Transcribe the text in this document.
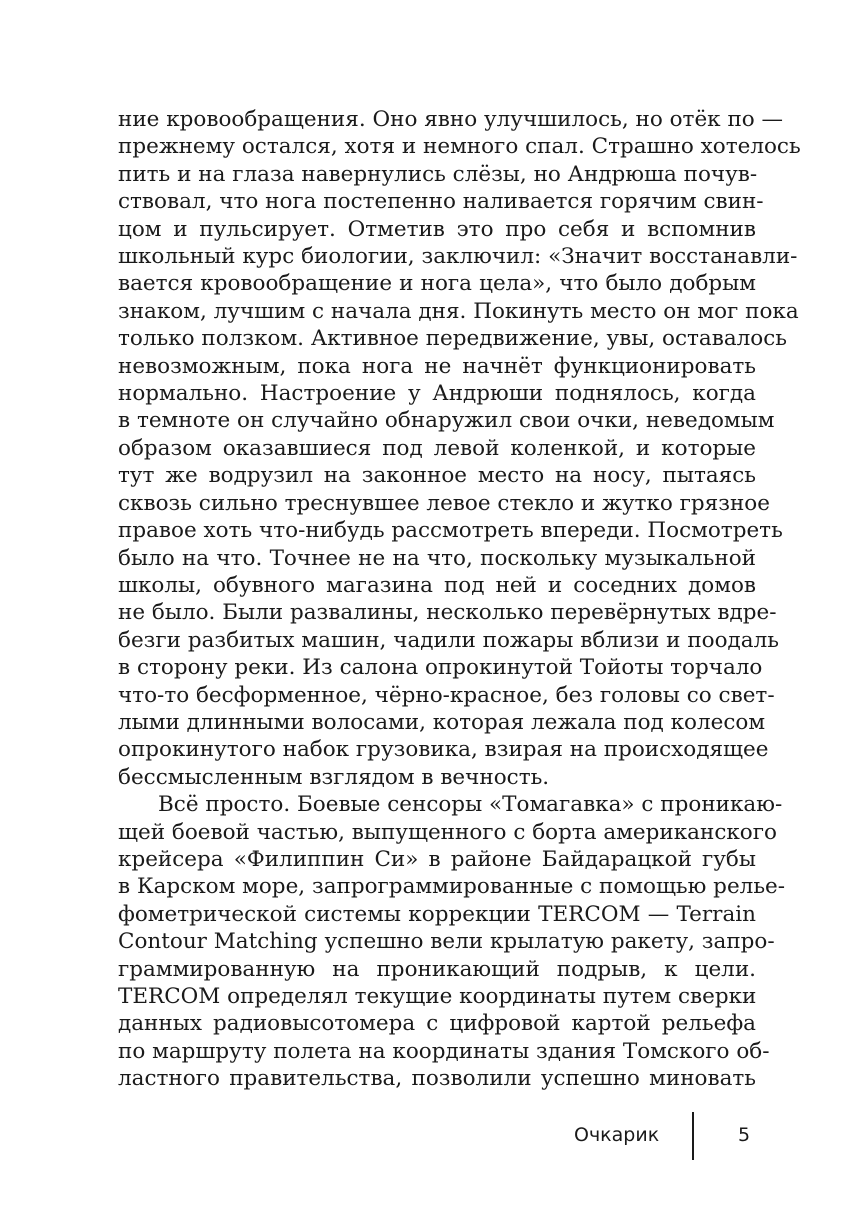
ние кровообращения. Оно явно улучшилось, но отёк по —
прежнему остался, хотя и немного спал. Страшно хотелось
пить и на глаза навернулись слёзы, но Андрюша почув-
ствовал, что нога постепенно наливается горячим свин-
цом и пульсирует. Отметив это про себя и вспомнив
школьный курс биологии, заключил: «Значит восстанавли-
вается кровообращение и нога цела», что было добрым
знаком, лучшим с начала дня. Покинуть место он мог пока
только ползком. Активное передвижение, увы, оставалось
невозможным, пока нога не начнёт функционировать
нормально. Настроение у Андрюши поднялось, когда
в темноте он случайно обнаружил свои очки, неведомым
образом оказавшиеся под левой коленкой, и которые
тут же водрузил на законное место на носу, пытаясь
сквозь сильно треснувшее левое стекло и жутко грязное
правое хоть что-нибудь рассмотреть впереди. Посмотреть
было на что. Точнее не на что, поскольку музыкальной
школы, обувного магазина под ней и соседних домов
не было. Были развалины, несколько перевёрнутых вдре-
безги разбитых машин, чадили пожары вблизи и поодаль
в сторону реки. Из салона опрокинутой Тойоты торчало
что-то бесформенное, чёрно-красное, без головы со свет-
лыми длинными волосами, которая лежала под колесом
опрокинутого набок грузовика, взирая на происходящее
бессмысленным взглядом в вечность.

Всё просто. Боевые сенсоры «Томагавка» с проникаю-
щей боевой частью, выпущенного с борта американского
крейсера «Филиппин Си» в районе Байдарацкой губы
в Карском море, запрограммированные с помощью релье-
фометрической системы коррекции TERCOM — Terrain
Contour Matching успешно вели крылатую ракету, запро-
граммированную на проникающий подрыв, к цели.
TERCOM определял текущие координаты путем сверки
данных радиовысотомера с цифровой картой рельефа
по маршруту полета на координаты здания Томского об-
ластного правительства, позволили успешно миновать

Очкарик	5
